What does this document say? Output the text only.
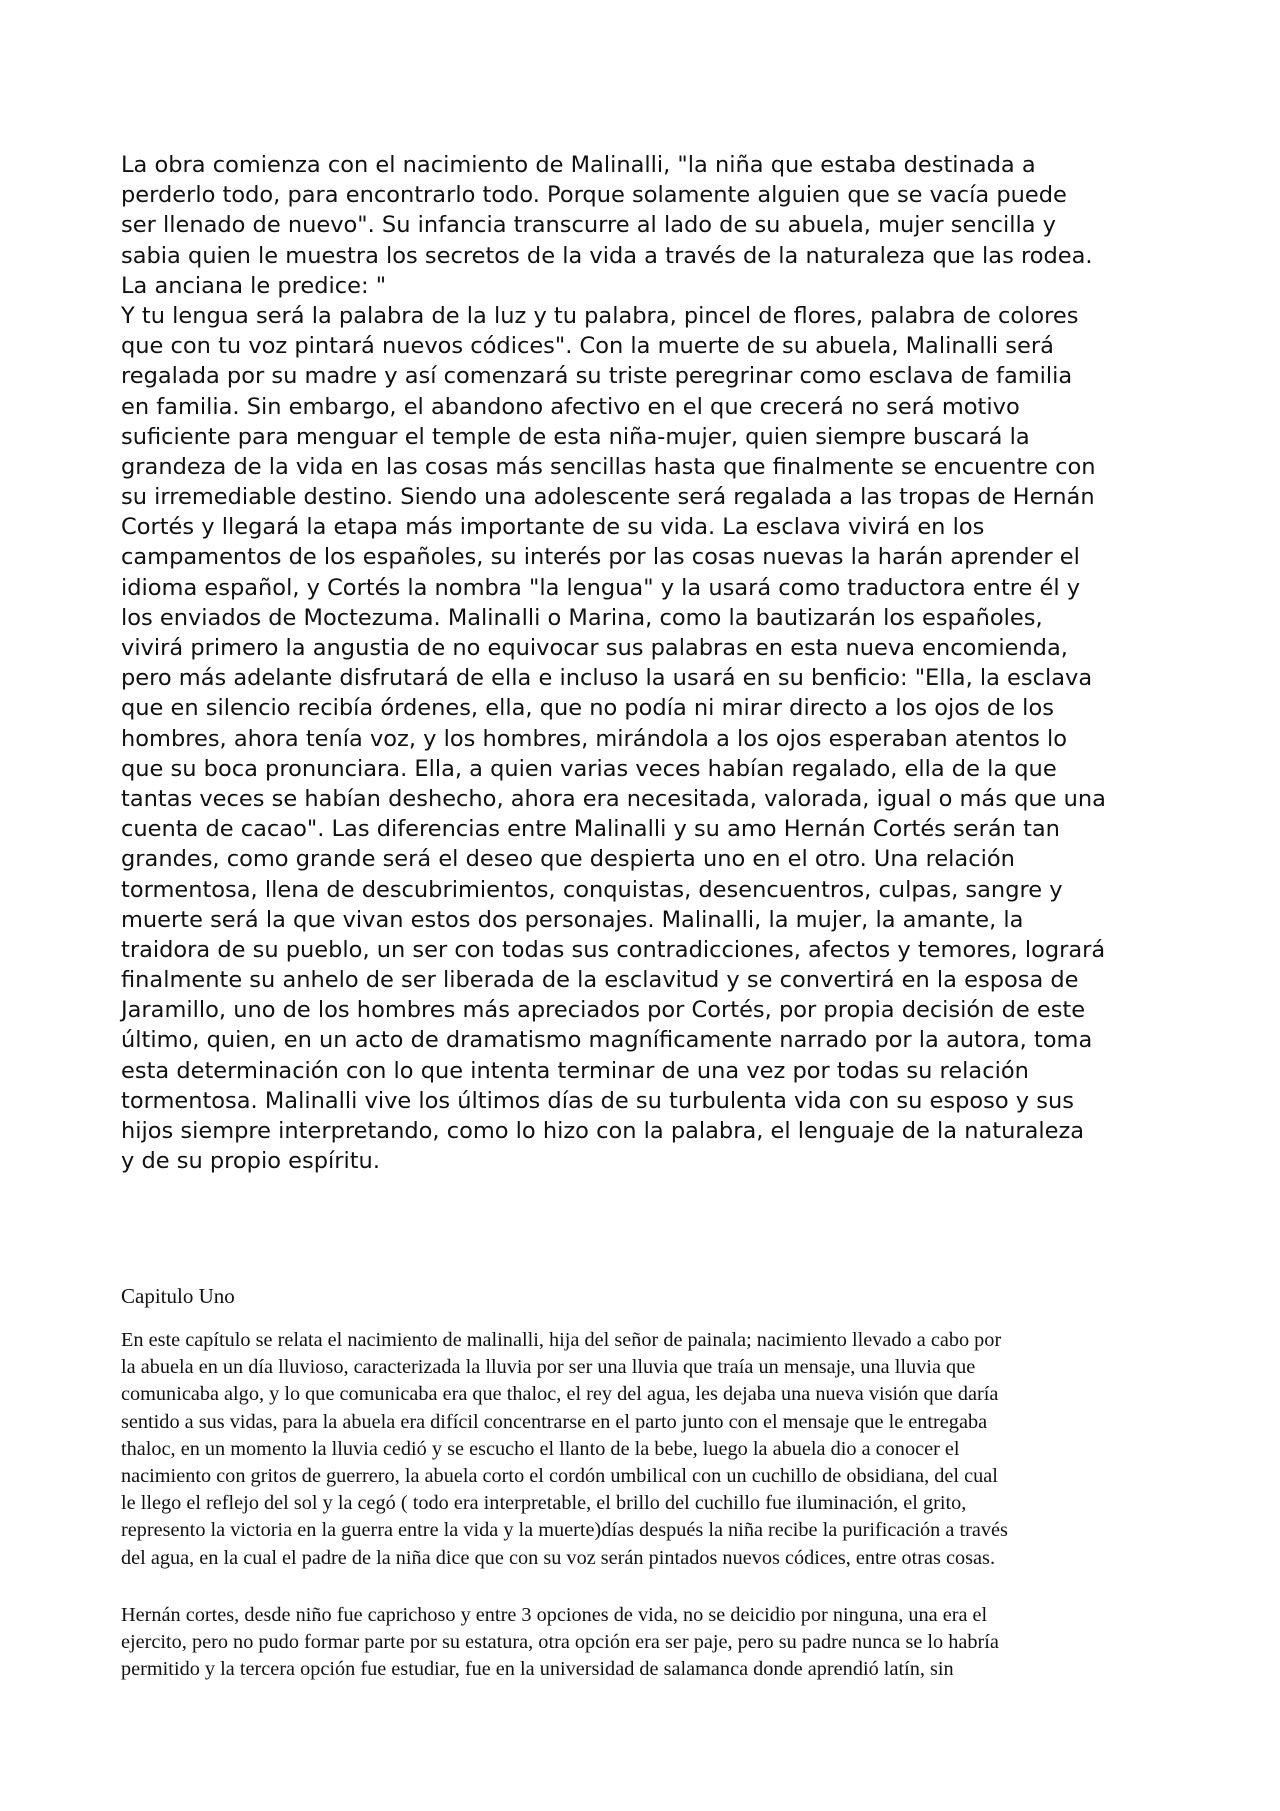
La obra comienza con el nacimiento de Malinalli, "la niña que estaba destinada a
perderlo todo, para encontrarlo todo. Porque solamente alguien que se vacía puede
ser llenado de nuevo". Su infancia transcurre al lado de su abuela, mujer sencilla y
sabia quien le muestra los secretos de la vida a través de la naturaleza que las rodea.
La anciana le predice: "
Y tu lengua será la palabra de la luz y tu palabra, pincel de flores, palabra de colores
que con tu voz pintará nuevos códices". Con la muerte de su abuela, Malinalli será
regalada por su madre y así comenzará su triste peregrinar como esclava de familia
en familia. Sin embargo, el abandono afectivo en el que crecerá no será motivo
suficiente para menguar el temple de esta niña-mujer, quien siempre buscará la
grandeza de la vida en las cosas más sencillas hasta que finalmente se encuentre con
su irremediable destino. Siendo una adolescente será regalada a las tropas de Hernán
Cortés y llegará la etapa más importante de su vida. La esclava vivirá en los
campamentos de los españoles, su interés por las cosas nuevas la harán aprender el
idioma español, y Cortés la nombra "la lengua" y la usará como traductora entre él y
los enviados de Moctezuma. Malinalli o Marina, como la bautizarán los españoles,
vivirá primero la angustia de no equivocar sus palabras en esta nueva encomienda,
pero más adelante disfrutará de ella e incluso la usará en su benficio: "Ella, la esclava
que en silencio recibía órdenes, ella, que no podía ni mirar directo a los ojos de los
hombres, ahora tenía voz, y los hombres, mirándola a los ojos esperaban atentos lo
que su boca pronunciara. Ella, a quien varias veces habían regalado, ella de la que
tantas veces se habían deshecho, ahora era necesitada, valorada, igual o más que una
cuenta de cacao". Las diferencias entre Malinalli y su amo Hernán Cortés serán tan
grandes, como grande será el deseo que despierta uno en el otro. Una relación
tormentosa, llena de descubrimientos, conquistas, desencuentros, culpas, sangre y
muerte será la que vivan estos dos personajes. Malinalli, la mujer, la amante, la
traidora de su pueblo, un ser con todas sus contradicciones, afectos y temores, logrará
finalmente su anhelo de ser liberada de la esclavitud y se convertirá en la esposa de
Jaramillo, uno de los hombres más apreciados por Cortés, por propia decisión de este
último, quien, en un acto de dramatismo magníficamente narrado por la autora, toma
esta determinación con lo que intenta terminar de una vez por todas su relación
tormentosa. Malinalli vive los últimos días de su turbulenta vida con su esposo y sus
hijos siempre interpretando, como lo hizo con la palabra, el lenguaje de la naturaleza
y de su propio espíritu.
Capitulo Uno
En este capítulo se relata el nacimiento de malinalli, hija del señor de painala; nacimiento llevado a cabo por
la abuela en un día lluvioso, caracterizada la lluvia por ser una lluvia que traía un mensaje, una lluvia que
comunicaba algo, y lo que comunicaba era que thaloc, el rey del agua, les dejaba una nueva visión que daría
sentido a sus vidas, para la abuela era difícil concentrarse en el parto junto con el mensaje que le entregaba
thaloc, en un momento la lluvia cedió y se escucho el llanto de la bebe, luego la abuela dio a conocer el
nacimiento con gritos de guerrero, la abuela corto el cordón umbilical con un cuchillo de obsidiana, del cual
le llego el reflejo del sol y la cegó ( todo era interpretable, el brillo del cuchillo fue iluminación, el grito,
represento la victoria en la guerra entre la vida y la muerte)días después la niña recibe la purificación a través
del agua, en la cual el padre de la niña dice que con su voz serán pintados nuevos códices, entre otras cosas.
Hernán cortes, desde niño fue caprichoso y entre 3 opciones de vida, no se deicidio por ninguna, una era el
ejercito, pero no pudo formar parte por su estatura, otra opción era ser paje, pero su padre nunca se lo habría
permitido y la tercera opción fue estudiar, fue en la universidad de salamanca donde aprendió latín, sin
